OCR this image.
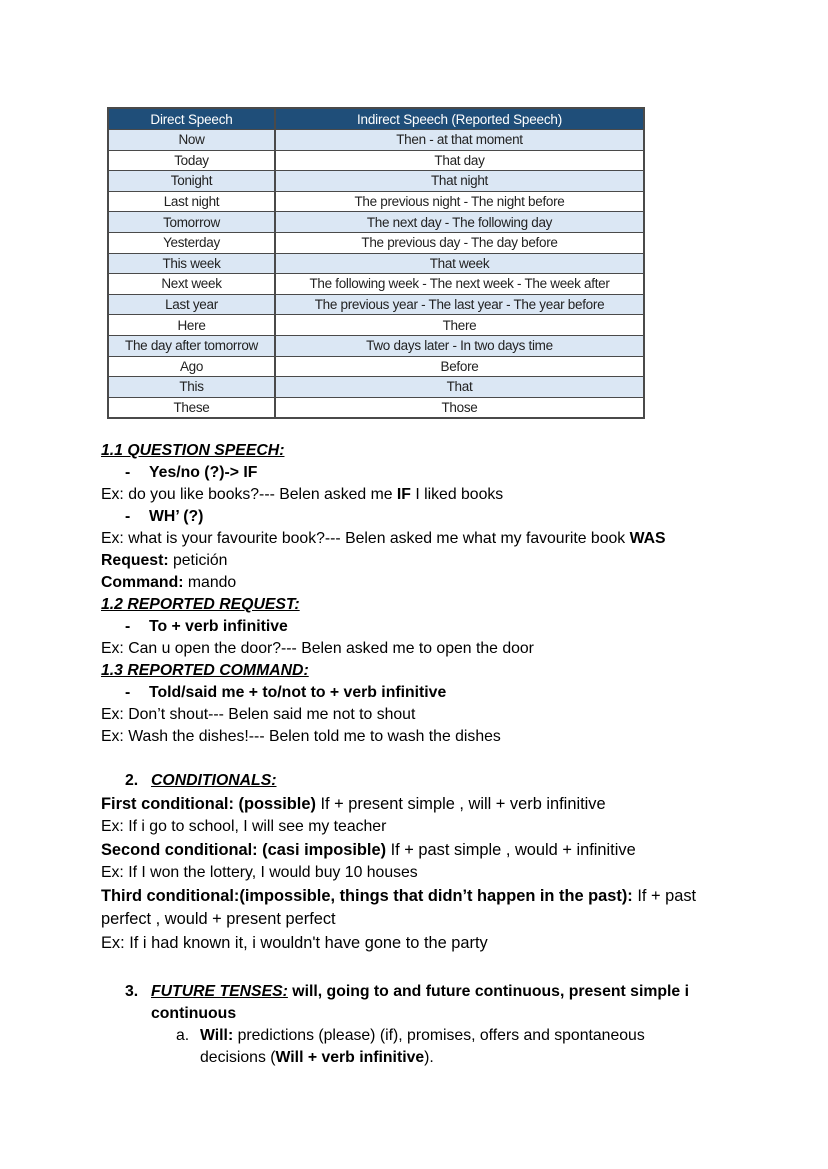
Direct Speech	Indirect Speech (Reported Speech)
Now	Then - at that moment
Today	That day
Tonight	That night
Last night	The previous night - The night before
Tomorrow	The next day - The following day
Yesterday	The previous day - The day before
This week	That week
Next week	The following week - The next week - The week after
Last year	The previous year - The last year - The year before
Here	There
The day after tomorrow	Two days later - In two days time
Ago	Before
This	That
These	Those
1.1 QUESTION SPEECH:
- Yes/no (?)-> IF
Ex: do you like books?--- Belen asked me IF I liked books
- WH’ (?)
Ex: what is your favourite book?--- Belen asked me what my favourite book WAS
Request: petición
Command: mando
1.2 REPORTED REQUEST:
- To + verb infinitive
Ex: Can u open the door?--- Belen asked me to open the door
1.3 REPORTED COMMAND:
- Told/said me + to/not to + verb infinitive
Ex: Don’t shout--- Belen said me not to shout
Ex: Wash the dishes!--- Belen told me to wash the dishes
2. CONDITIONALS:
First conditional: (possible) If + present simple , will + verb infinitive
Ex: If i go to school, I will see my teacher
Second conditional: (casi imposible) If + past simple , would + infinitive
Ex: If I won the lottery, I would buy 10 houses
Third conditional:(impossible, things that didn’t happen in the past): If + past
perfect , would + present perfect
Ex: If i had known it, i wouldn't have gone to the party
3. FUTURE TENSES: will, going to and future continuous, present simple i
continuous
a. Will: predictions (please) (if), promises, offers and spontaneous
decisions (Will + verb infinitive).
